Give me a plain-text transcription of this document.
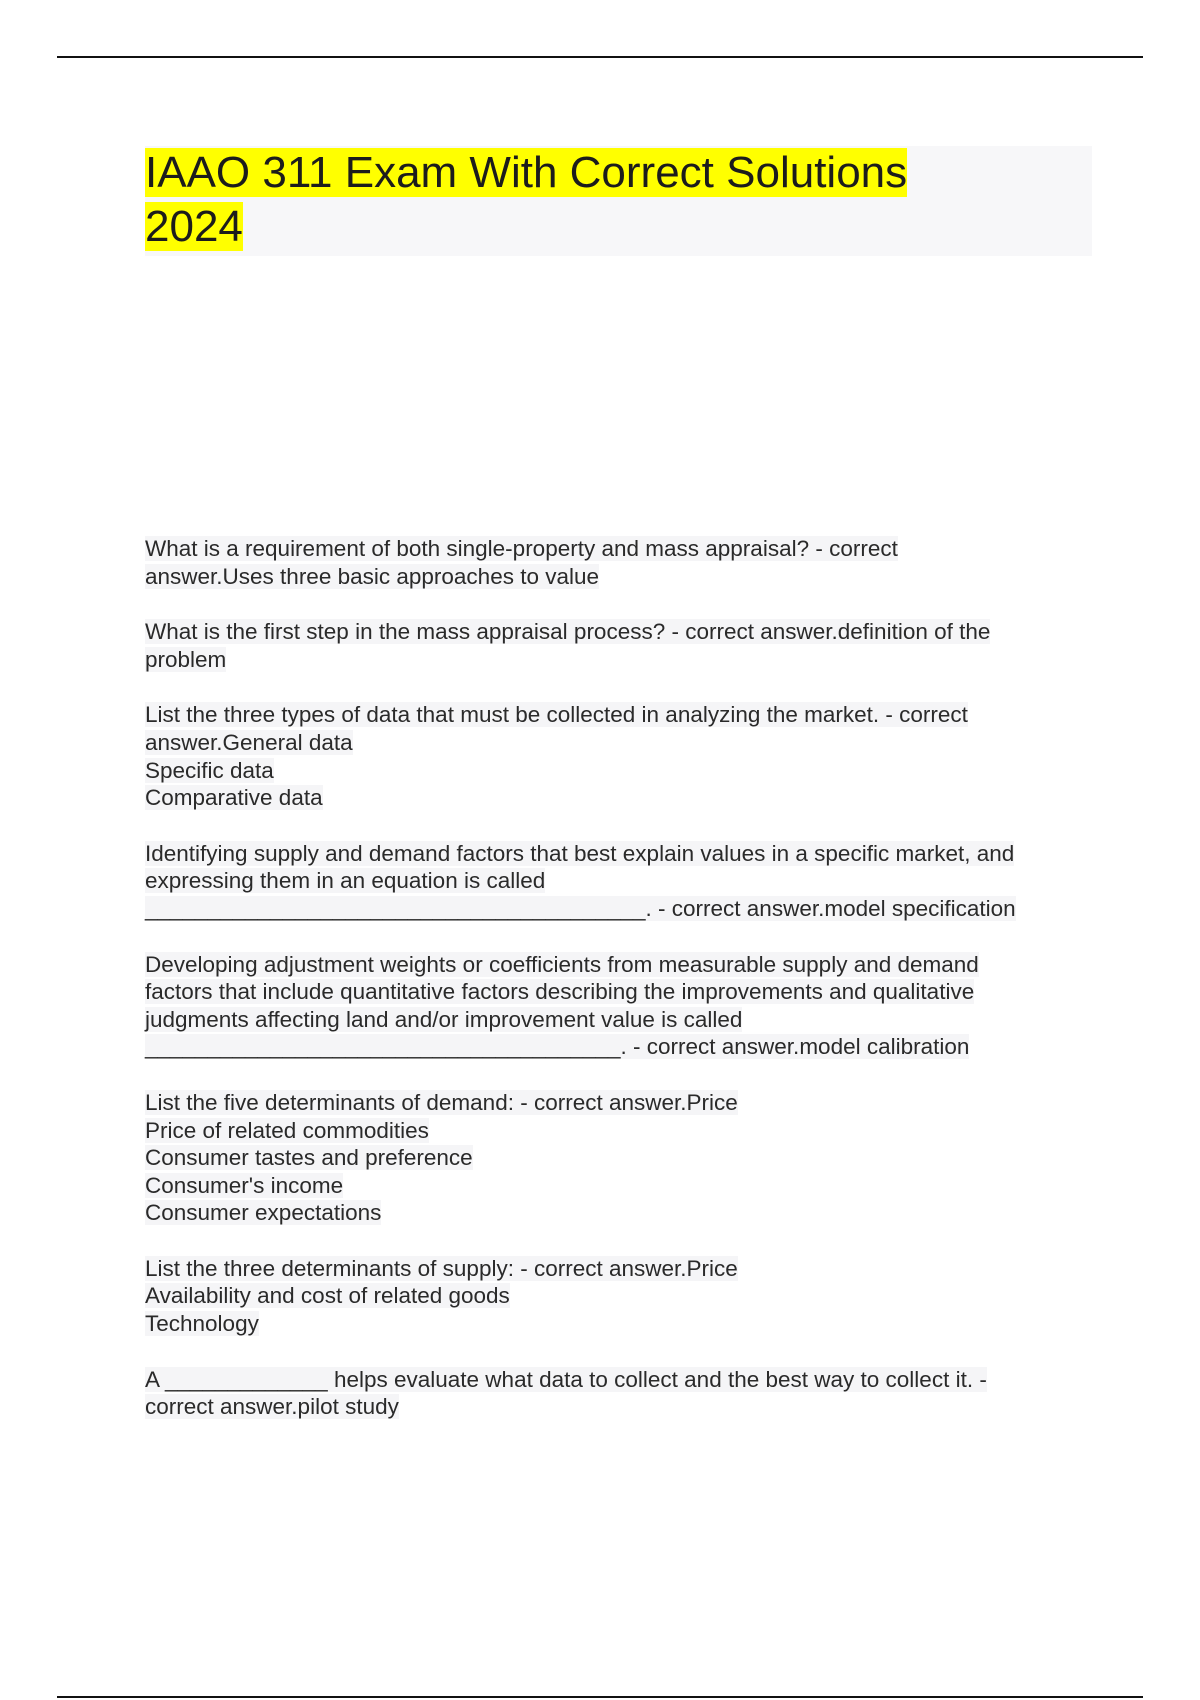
IAAO 311 Exam With Correct Solutions
2024

What is a requirement of both single-property and mass appraisal? - correct
answer.Uses three basic approaches to value

What is the first step in the mass appraisal process? - correct answer.definition of the
problem

List the three types of data that must be collected in analyzing the market. - correct
answer.General data
Specific data
Comparative data

Identifying supply and demand factors that best explain values in a specific market, and
expressing them in an equation is called
________________________________________. - correct answer.model specification

Developing adjustment weights or coefficients from measurable supply and demand
factors that include quantitative factors describing the improvements and qualitative
judgments affecting land and/or improvement value is called
______________________________________. - correct answer.model calibration

List the five determinants of demand: - correct answer.Price
Price of related commodities
Consumer tastes and preference
Consumer's income
Consumer expectations

List the three determinants of supply: - correct answer.Price
Availability and cost of related goods
Technology

A _____________ helps evaluate what data to collect and the best way to collect it. -
correct answer.pilot study
